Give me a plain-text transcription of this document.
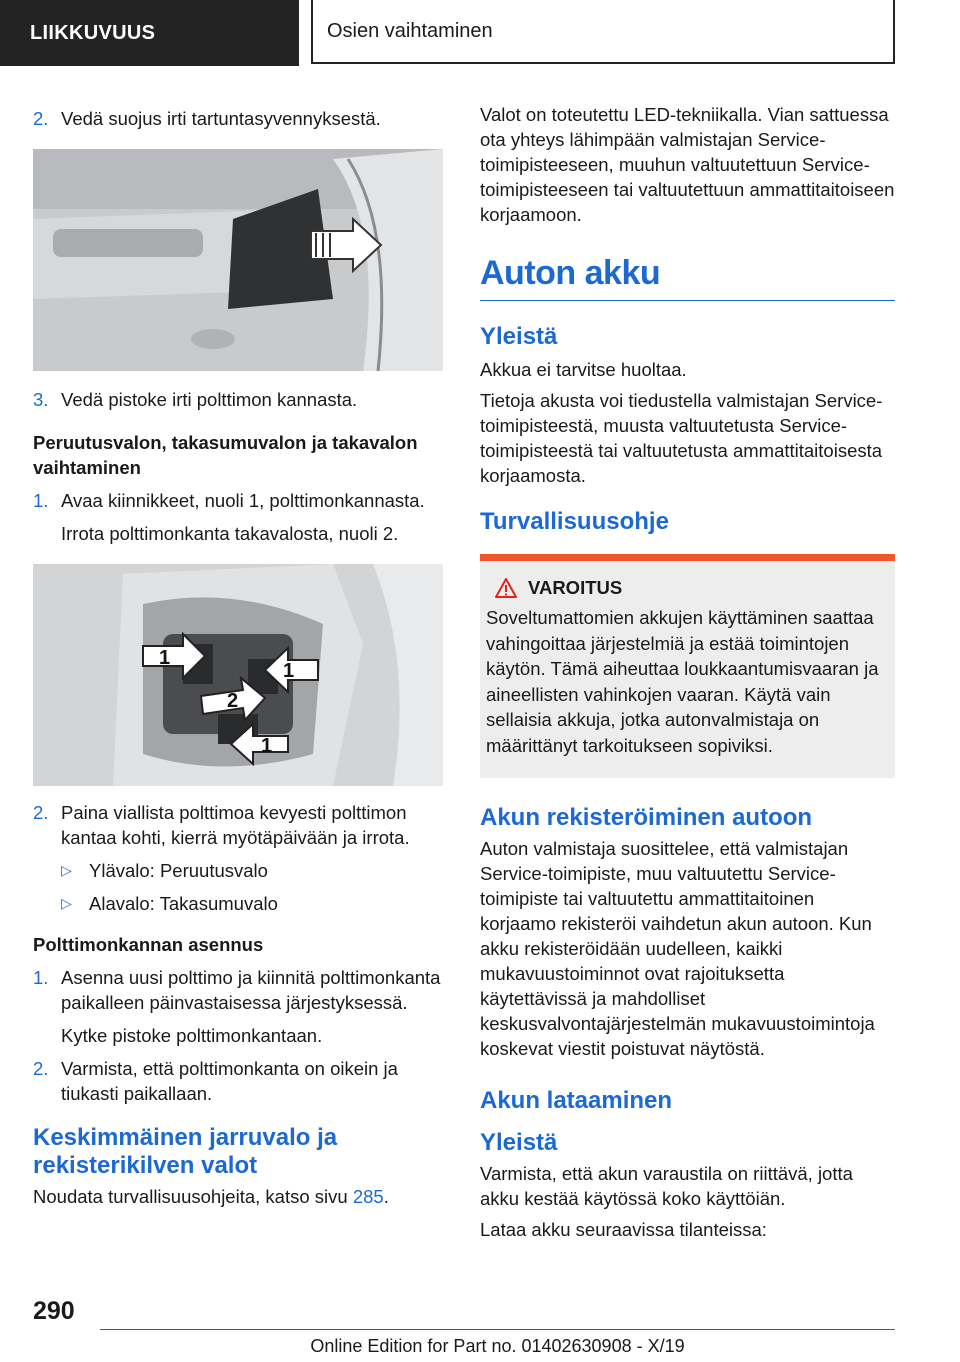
LIIKKUVUUS	Osien vaihtaminen
2. Vedä suojus irti tartuntasyvennyksestä.
3. Vedä pistoke irti polttimon kannasta.
Peruutusvalon, takasumuvalon ja takavalon vaihtaminen
1. Avaa kiinnikkeet, nuoli 1, polttimonkannasta.

Irrota polttimonkanta takavalosta, nuoli 2.

1
1
2
1
2. Paina viallista polttimoa kevyesti polttimon kantaa kohti, kierrä myötäpäivään ja irrota.
▷ Ylävalo: Peruutusvalo
▷ Alavalo: Takasumuvalo
Polttimonkannan asennus
1. Asenna uusi polttimo ja kiinnitä polttimonkanta paikalleen päinvastaisessa järjestyksessä.

Kytke pistoke polttimonkantaan.

2. Varmista, että polttimonkanta on oikein ja tiukasti paikallaan.
Keskimmäinen jarruvalo ja rekisterikilven valot

Noudata turvallisuusohjeita, katso sivu 285.

Valot on toteutettu LED-tekniikalla. Vian sattuessa ota yhteys lähimpään valmistajan Service-toimipisteeseen, muuhun valtuutettuun Service-toimipisteeseen tai valtuutettuun ammattitaitoiseen korjaamoon.

Auton akku
Yleistä

Akkua ei tarvitse huoltaa.

Tietoja akusta voi tiedustella valmistajan Service-toimipisteestä, muusta valtuutetusta Service-toimipisteestä tai valtuutetusta ammattitaitoisesta korjaamosta.

Turvallisuusohje
VAROITUS
Soveltumattomien akkujen käyttäminen saattaa vahingoittaa järjestelmiä ja estää toimintojen käytön. Tämä aiheuttaa loukkaantumisvaaran ja aineellisten vahinkojen vaaran. Käytä vain sellaisia akkuja, jotka autonvalmistaja on määrittänyt tarkoitukseen sopiviksi.
Akun rekisteröiminen autoon

Auton valmistaja suosittelee, että valmistajan Service-toimipiste, muu valtuutettu Service-toimipiste tai valtuutettu ammattitaitoinen korjaamo rekisteröi vaihdetun akun autoon. Kun akku rekisteröidään uudelleen, kaikki mukavuustoiminnot ovat rajoituksetta käytettävissä ja mahdolliset keskusvalvontajärjestelmän mukavuustoimintoja koskevat viestit poistuvat näytöstä.

Akun lataaminen
Yleistä

Varmista, että akun varaustila on riittävä, jotta akku kestää käytössä koko käyttöiän.

Lataa akku seuraavissa tilanteissa:

290
Online Edition for Part no. 01402630908 - X/19
